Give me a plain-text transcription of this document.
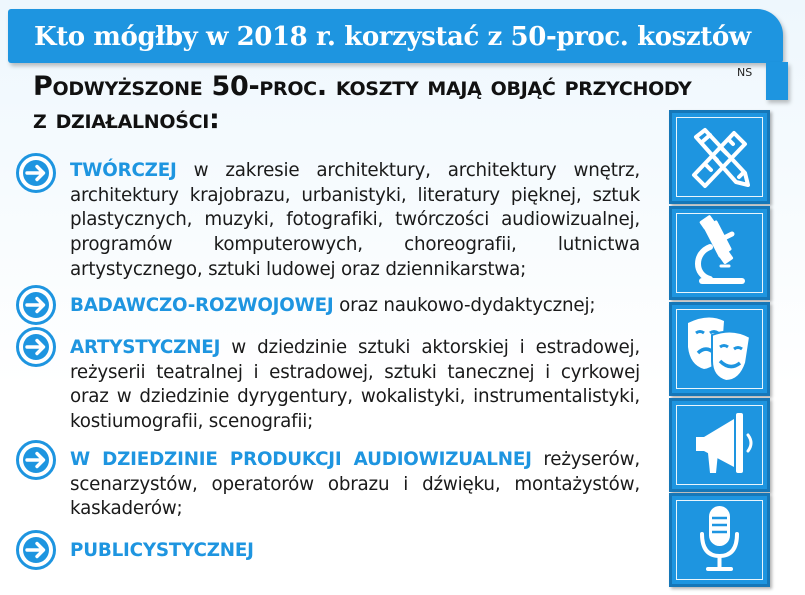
Kto mógłby w 2018 r. korzystać z 50-proc. kosztów
NS
Podwyższone 50-proc. koszty mają objąć przychody z działalności:
TWÓRCZEJ w zakresie architektury, architektury wnętrz, architektury krajobrazu, urbanistyki, literatury pięknej, sztuk plastycznych, muzyki, fotografiki, twórczości audiowizualnej, programów komputerowych, choreografii, lutnictwa artystycznego, sztuki ludowej oraz dziennikarstwa;
BADAWCZO-ROZWOJOWEJ oraz naukowo-dydaktycznej;
ARTYSTYCZNEJ w dziedzinie sztuki aktorskiej i estradowej, reżyserii teatralnej i estradowej, sztuki tanecznej i cyrkowej oraz w dziedzinie dyrygentury, wokalistyki, instrumentalistyki, kostiumografii, scenografii;
W DZIEDZINIE PRODUKCJI AUDIOWIZUALNEJ reżyserów, scenarzystów, operatorów obrazu i dźwięku, montażystów, kaskaderów;
PUBLICYSTYCZNEJ
